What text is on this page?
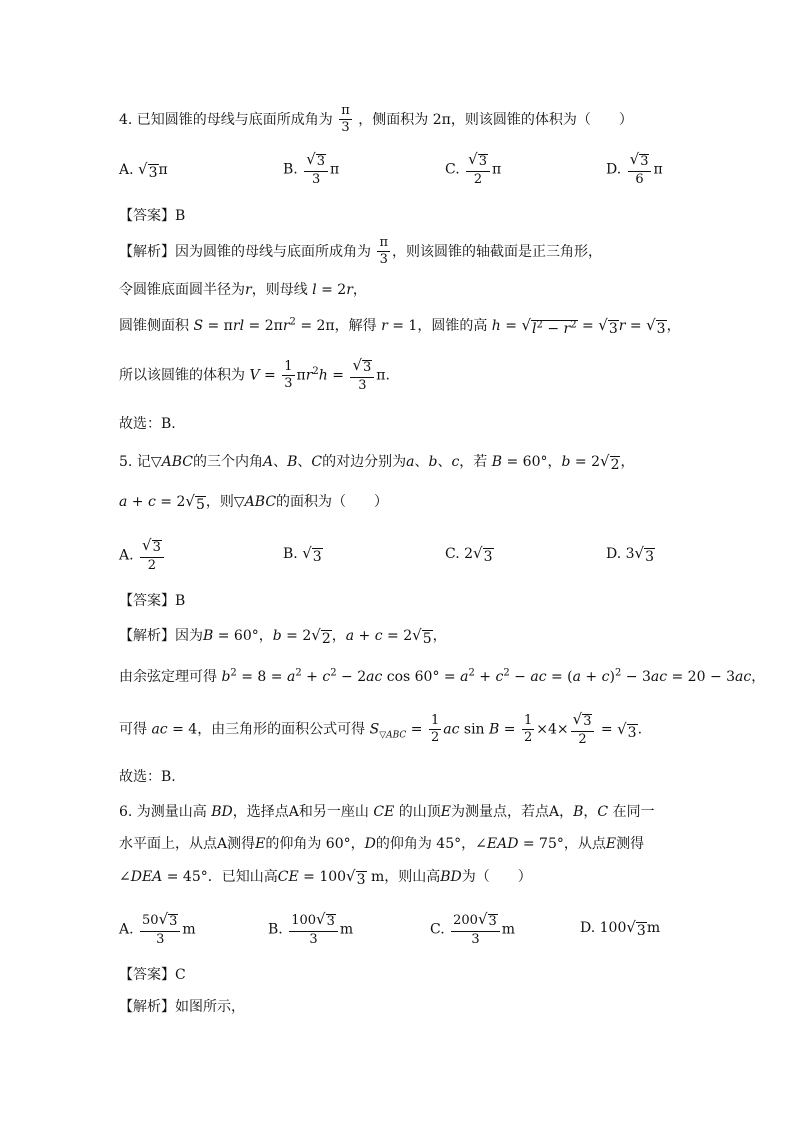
4. 已知圆锥的母线与底面所成角为 $\frac{\pi}{3}$ ，侧面积为 2π，则该圆锥的体积为（　　）
A. √ 3 π	B. $\frac{√ 3}{3}$ π	C. $\frac{√ 3}{2}$ π	D. $\frac{√ 3}{6}$ π
【答案】B
【解析】因为圆锥的母线与底面所成角为 $\frac{\pi}{3}$ ，则该圆锥的轴截面是正三角形，
令圆锥底面圆半径为r，则母线 l = 2r，
圆锥侧面积 $S = \pi rl = 2\pi r^2 = 2\pi$，解得 r = 1，圆锥的高 h = √ $l^2 - r^2$ = √ 3 r = √ 3 ，
所以该圆锥的体积为 $V = \frac{1}{3} \pi r^2h = \frac{√ 3}{3} \pi$.
故选：B.
5. 记▽ABC的三个内角A、B、C的对边分别为a、b、c，若 B = 60°，b = 2 √ 2 ，
a + c = 2 √ 5 ，则▽ABC的面积为（　　）
A. $\frac{√ 3}{2}$	B. √ 3	C. 2 √ 3	D. 3 √ 3
【答案】B
【解析】因为B = 60°，b = 2 √ 2 ，a + c = 2 √ 5 ，
由余弦定理可得 $b^2 = 8 = a^2 + c^2 - 2ac$ $\cos 60^\circ = a^2 + c^2$ − ac = $(a + c)^2 - 3ac = 20 - 3ac$，
可得 ac = 4，由三角形的面积公式可得 $S_{▽ABC} = \frac{1}{2}$ ac $\sin B = \frac{1}{2} \times 4\times \frac{√ 3}{2}$ = √ 3 .
故选：B.
6. 为测量山高 BD，选择点A和另一座山 CE 的山顶E为测量点，若点A，B，C 在同一
水平面上，从点A测得E的仰角为 60°，D的仰角为 45°，∠EAD = 75°，从点E测得
∠DEA = 45°．已知山高CE = 100 √ 3 m，则山高BD为（　　）
A. $\frac{50 √ 3}{3}$ m	B. $\frac{100 √ 3}{3}$ m	C. $\frac{200 √ 3}{3}$ m	D. 100 √ 3 m
【答案】C
【解析】如图所示，
